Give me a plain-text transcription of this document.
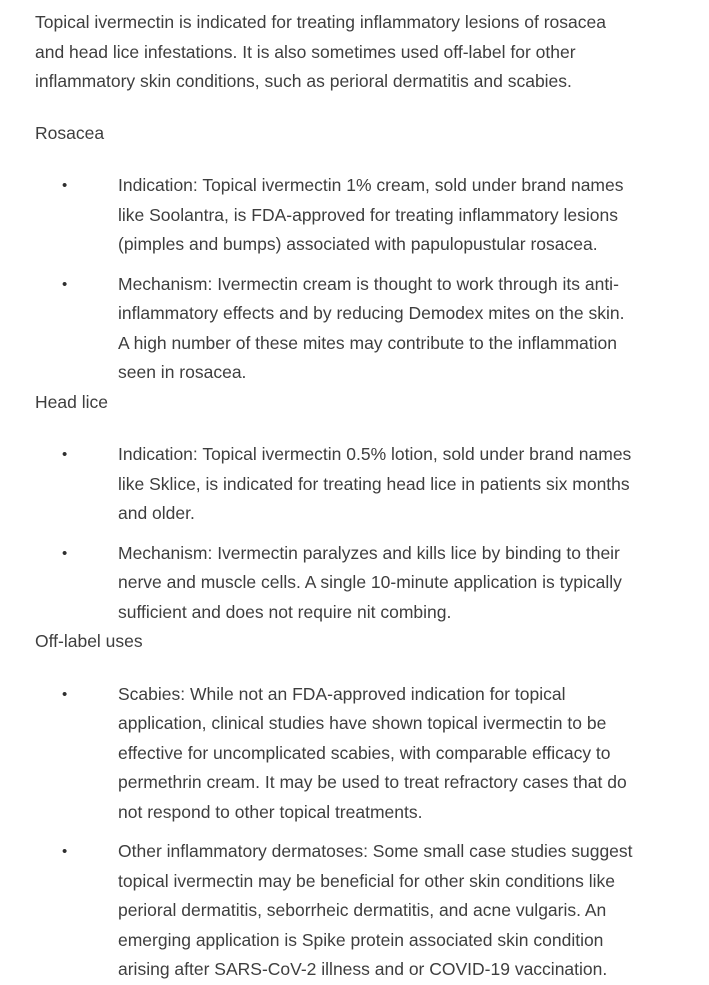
Topical ivermectin is indicated for treating inflammatory lesions of rosacea
and head lice infestations. It is also sometimes used off-label for other
inflammatory skin conditions, such as perioral dermatitis and scabies.

Rosacea

•	Indication: Topical ivermectin 1% cream, sold under brand names
like Soolantra, is FDA-approved for treating inflammatory lesions
(pimples and bumps) associated with papulopustular rosacea.
•	Mechanism: Ivermectin cream is thought to work through its anti-
inflammatory effects and by reducing Demodex mites on the skin.
A high number of these mites may contribute to the inflammation
seen in rosacea.

Head lice

•	Indication: Topical ivermectin 0.5% lotion, sold under brand names
like Sklice, is indicated for treating head lice in patients six months
and older.
•	Mechanism: Ivermectin paralyzes and kills lice by binding to their
nerve and muscle cells. A single 10-minute application is typically
sufficient and does not require nit combing.

Off-label uses

•	Scabies: While not an FDA-approved indication for topical
application, clinical studies have shown topical ivermectin to be
effective for uncomplicated scabies, with comparable efficacy to
permethrin cream. It may be used to treat refractory cases that do
not respond to other topical treatments.
•	Other inflammatory dermatoses: Some small case studies suggest
topical ivermectin may be beneficial for other skin conditions like
perioral dermatitis, seborrheic dermatitis, and acne vulgaris. An
emerging application is Spike protein associated skin condition
arising after SARS-CoV-2 illness and or COVID-19 vaccination.
